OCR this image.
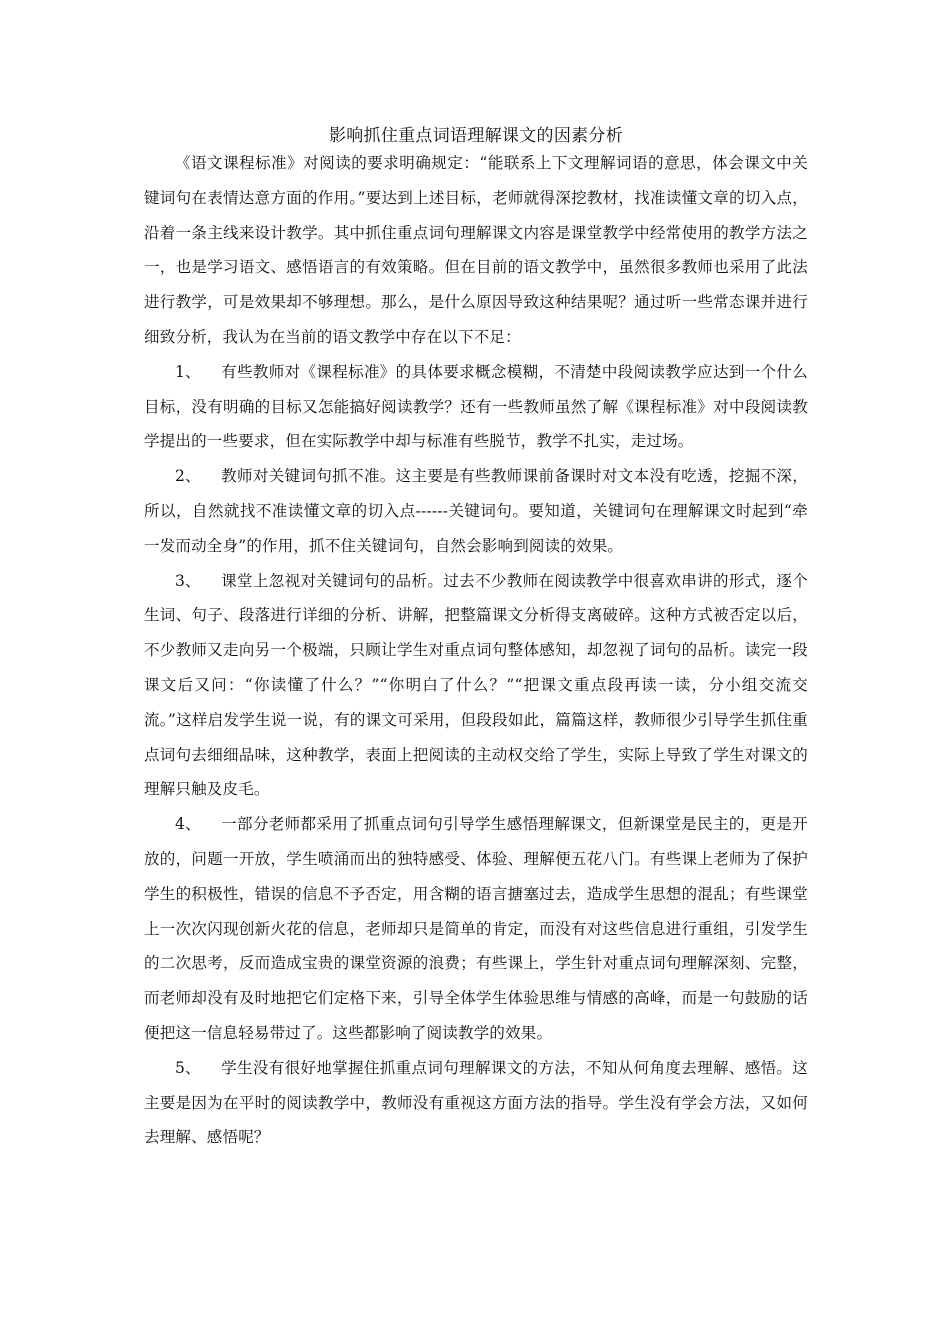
影响抓住重点词语理解课文的因素分析

《语文课程标准》对阅读的要求明确规定：“能联系上下文理解词语的意思，体会课文中关键词句在表情达意方面的作用。”要达到上述目标，老师就得深挖教材，找准读懂文章的切入点，沿着一条主线来设计教学。其中抓住重点词句理解课文内容是课堂教学中经常使用的教学方法之一，也是学习语文、感悟语言的有效策略。但在目前的语文教学中，虽然很多教师也采用了此法进行教学，可是效果却不够理想。那么，是什么原因导致这种结果呢？通过听一些常态课并进行细致分析，我认为在当前的语文教学中存在以下不足：

1、 有些教师对《课程标准》的具体要求概念模糊，不清楚中段阅读教学应达到一个什么目标，没有明确的目标又怎能搞好阅读教学？还有一些教师虽然了解《课程标准》对中段阅读教学提出的一些要求，但在实际教学中却与标准有些脱节，教学不扎实，走过场。

2、 教师对关键词句抓不准。这主要是有些教师课前备课时对文本没有吃透，挖掘不深，所以，自然就找不准读懂文章的切入点------关键词句。要知道，关键词句在理解课文时起到“牵一发而动全身”的作用，抓不住关键词句，自然会影响到阅读的效果。

3、 课堂上忽视对关键词句的品析。过去不少教师在阅读教学中很喜欢串讲的形式，逐个生词、句子、段落进行详细的分析、讲解，把整篇课文分析得支离破碎。这种方式被否定以后，不少教师又走向另一个极端，只顾让学生对重点词句整体感知，却忽视了词句的品析。读完一段课文后又问：“你读懂了什么？”“你明白了什么？”“把课文重点段再读一读，分小组交流交流。”这样启发学生说一说，有的课文可采用，但段段如此，篇篇这样，教师很少引导学生抓住重点词句去细细品味，这种教学，表面上把阅读的主动权交给了学生，实际上导致了学生对课文的理解只触及皮毛。

4、 一部分老师都采用了抓重点词句引导学生感悟理解课文，但新课堂是民主的，更是开放的，问题一开放，学生喷涌而出的独特感受、体验、理解便五花八门。有些课上老师为了保护学生的积极性，错误的信息不予否定，用含糊的语言搪塞过去，造成学生思想的混乱；有些课堂上一次次闪现创新火花的信息，老师却只是简单的肯定，而没有对这些信息进行重组，引发学生的二次思考，反而造成宝贵的课堂资源的浪费；有些课上，学生针对重点词句理解深刻、完整，而老师却没有及时地把它们定格下来，引导全体学生体验思维与情感的高峰，而是一句鼓励的话便把这一信息轻易带过了。这些都影响了阅读教学的效果。

5、 学生没有很好地掌握住抓重点词句理解课文的方法，不知从何角度去理解、感悟。这主要是因为在平时的阅读教学中，教师没有重视这方面方法的指导。学生没有学会方法，又如何去理解、感悟呢？
